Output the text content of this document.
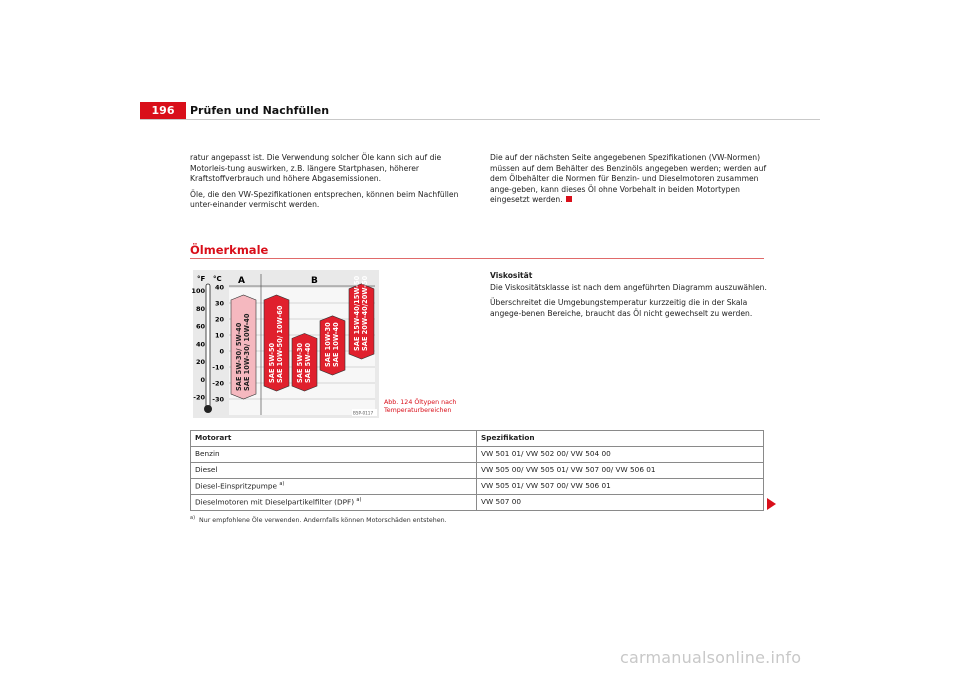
196	Prüfen und Nachfüllen

ratur angepasst ist. Die Verwendung solcher Öle kann sich auf die Motorleis-tung auswirken, z.B. längere Startphasen, höherer Kraftstoffverbrauch und höhere Abgasemissionen.

Öle, die den VW-Spezifikationen entsprechen, können beim Nachfüllen unter-einander vermischt werden.

Die auf der nächsten Seite angegebenen Spezifikationen (VW-Normen) müssen auf dem Behälter des Benzinöls angegeben werden; werden auf dem Ölbehälter die Normen für Benzin- und Dieselmotoren zusammen ange-geben, kann dieses Öl ohne Vorbehalt in beiden Motortypen eingesetzt werden.

Ölmerkmale
°F °C A	B
100
80
60
40
20
0
-20
40
30
20
10
0
-10
-20
-30
SAE 5W-30/ 5W-40 SAE 10W-30/ 10W-40	SAE 5W-50 SAE 10W-50/ 10W-60 SAE 5W-30 SAE 5W-40 SAE 10W-30 SAE 10W-40 SAE 15W-40/15W-50 SAE 20W-40/20W-50
B5P-0117
Abb. 124 Öltypen nach
Temperaturbereichen
Viskosität

Die Viskositätsklasse ist nach dem angeführten Diagramm auszuwählen.

Überschreitet die Umgebungstemperatur kurzzeitig die in der Skala angege-benen Bereiche, braucht das Öl nicht gewechselt zu werden.

Motorart	Spezifikation
Benzin	VW 501 01/ VW 502 00/ VW 504 00
Diesel	VW 505 00/ VW 505 01/ VW 507 00/ VW 506 01
Diesel-Einspritzpumpe $^{a)}$	VW 505 01/ VW 507 00/ VW 506 01
Dieselmotoren mit Dieselpartikelfilter (DPF) $^{a)}$	VW 507 00
$^{a)}$ Nur empfohlene Öle verwenden. Andernfalls können Motorschäden entstehen.
carmanualsonline.info
